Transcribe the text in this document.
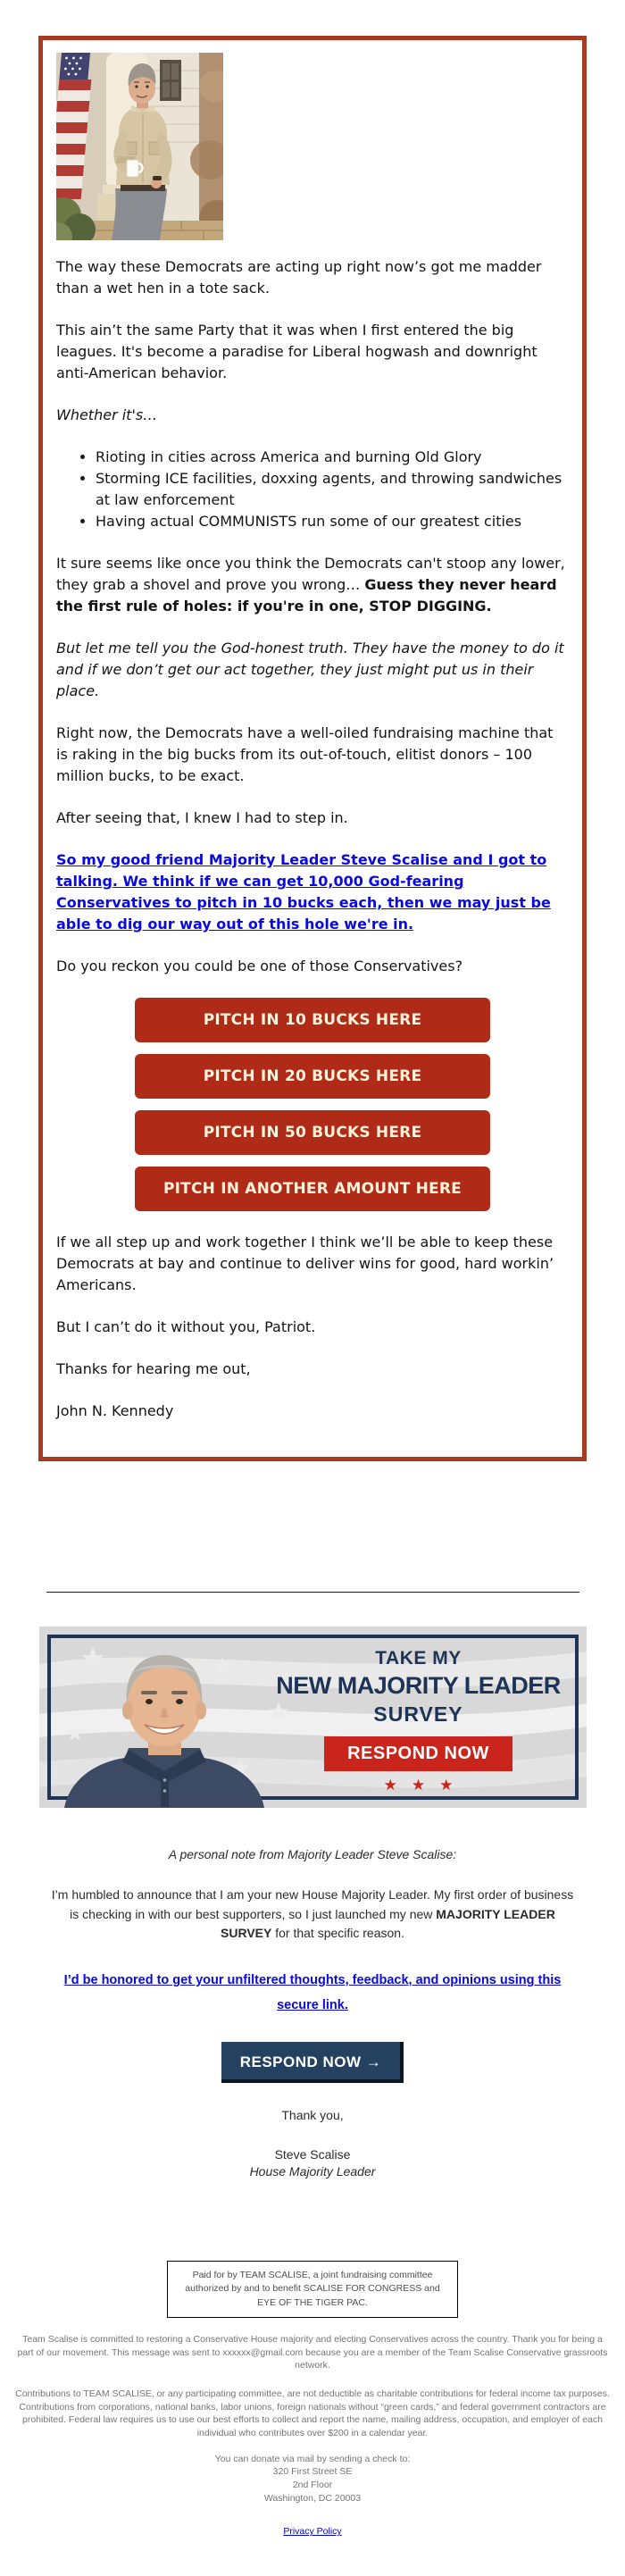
The way these Democrats are acting up right now’s got me madder than a wet hen in a tote sack.

This ain’t the same Party that it was when I first entered the big leagues. It's become a paradise for Liberal hogwash and downright anti-American behavior.

Whether it's…

• Rioting in cities across America and burning Old Glory
• Storming ICE facilities, doxxing agents, and throwing sandwiches at law enforcement
• Having actual COMMUNISTS run some of our greatest cities

It sure seems like once you think the Democrats can't stoop any lower, they grab a shovel and prove you wrong… Guess they never heard the first rule of holes: if you're in one, STOP DIGGING.

But let me tell you the God-honest truth. They have the money to do it and if we don’t get our act together, they just might put us in their place.

Right now, the Democrats have a well-oiled fundraising machine that is raking in the big bucks from its out-of-touch, elitist donors – 100 million bucks, to be exact.

After seeing that, I knew I had to step in.

So my good friend Majority Leader Steve Scalise and I got to talking. We think if we can get 10,000 God-fearing Conservatives to pitch in 10 bucks each, then we may just be able to dig our way out of this hole we're in.

Do you reckon you could be one of those Conservatives?

PITCH IN 10 BUCKS HERE
PITCH IN 20 BUCKS HERE
PITCH IN 50 BUCKS HERE
PITCH IN ANOTHER AMOUNT HERE

If we all step up and work together I think we’ll be able to keep these Democrats at bay and continue to deliver wins for good, hard workin’ Americans.

But I can’t do it without you, Patriot.

Thanks for hearing me out,

John N. Kennedy

TAKE MY
NEW MAJORITY LEADER
SURVEY
RESPOND NOW
★★★
A personal note from Majority Leader Steve Scalise:

I’m humbled to announce that I am your new House Majority Leader. My first order of business is checking in with our best supporters, so I just launched my new MAJORITY LEADER SURVEY for that specific reason.

I’d be honored to get your unfiltered thoughts, feedback, and opinions using this secure link.
RESPOND NOW →

Thank you,

Steve Scalise

House Majority Leader

Paid for by TEAM SCALISE, a joint fundraising committee authorized by and to benefit SCALISE FOR CONGRESS and EYE OF THE TIGER PAC.

Team Scalise is committed to restoring a Conservative House majority and electing Conservatives across the country. Thank you for being a part of our movement. This message was sent to xxxxxx@gmail.com because you are a member of the Team Scalise Conservative grassroots network.

Contributions to TEAM SCALISE, or any participating committee, are not deductible as charitable contributions for federal income tax purposes. Contributions from corporations, national banks, labor unions, foreign nationals without “green cards,” and federal government contractors are prohibited. Federal law requires us to use our best efforts to collect and report the name, mailing address, occupation, and employer of each individual who contributes over $200 in a calendar year.

You can donate via mail by sending a check to:
320 First Street SE
2nd Floor
Washington, DC 20003
Privacy Policy
